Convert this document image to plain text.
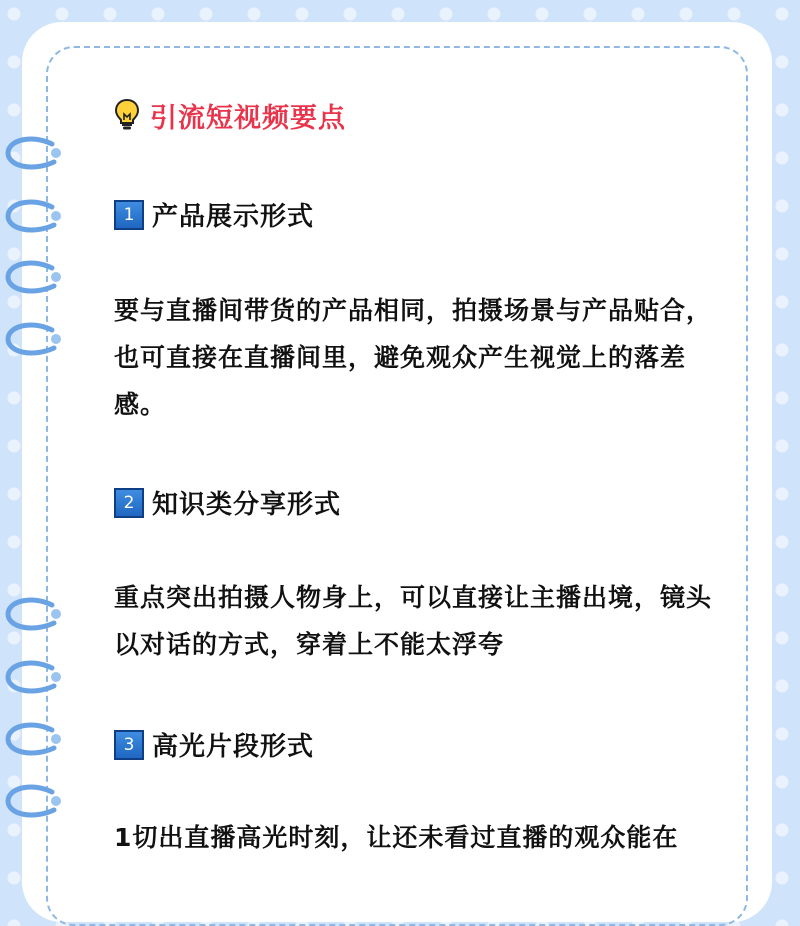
引流短视频要点
1 产品展示形式
要与直播间带货的产品相同，拍摄场景与产品贴合，也可直接在直播间里，避免观众产生视觉上的落差感。
2 知识类分享形式
重点突出拍摄人物身上，可以直接让主播出境，镜头以对话的方式，穿着上不能太浮夸
3 高光片段形式
1切出直播高光时刻，让还未看过直播的观众能在
